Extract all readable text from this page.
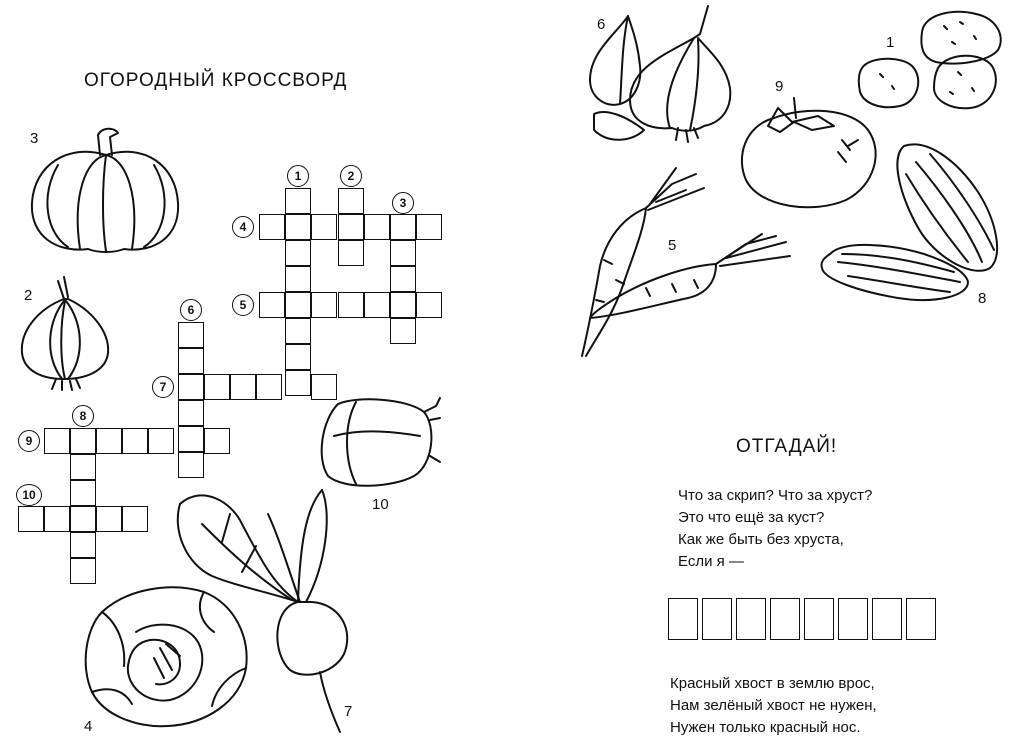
ОГОРОДНЫЙ КРОССВОРД
3
2
10
4
7
1	2
3
4
5
6
7
8
9
10
6
1
9
5
8
ОТГАДАЙ!
Что за скрип? Что за хруст?
Это что ещё за куст?
Как же быть без хруста,
Если я —
Красный хвост в землю врос,
Нам зелёный хвост не нужен,
Нужен только красный нос.
